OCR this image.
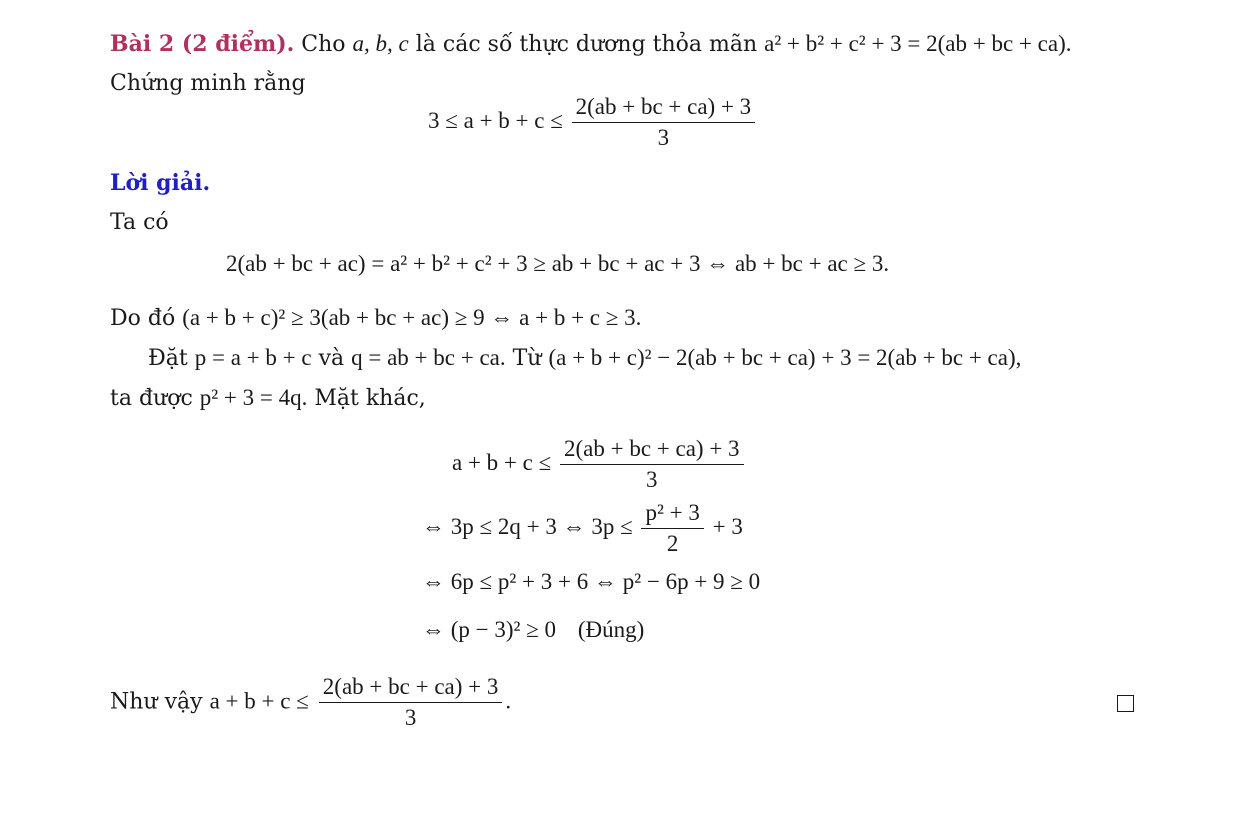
Bài 2 (2 điểm). Cho a, b, c là các số thực dương thỏa mãn a² + b² + c² + 3 = 2(ab + bc + ca).
Chứng minh rằng
$3 \le a + b + c \le \frac{2(ab + bc + ca) + 3}{3}$
Lời giải.
Ta có
2(ab + bc + ac) = a² + b² + c² + 3 ≥ ab + bc + ac + 3 ⇔ ab + bc + ac ≥ 3.
Do đó (a + b + c)² ≥ 3(ab + bc + ac) ≥ 9 ⇔ a + b + c ≥ 3.
Đặt p = a + b + c và q = ab + bc + ca. Từ (a + b + c)² − 2(ab + bc + ca) + 3 = 2(ab + bc + ca),
ta được p² + 3 = 4q. Mặt khác,
$a + b + c \le \frac{2(ab + bc + ca) + 3}{3}$
⇔ 3p ≤ 2q + 3 ⇔ $3p \le \frac{\text{p² + 3}}{2} + 3$
⇔ 6p ≤ p² + 3 + 6 ⇔ p² − 6p + 9 ≥ 0
⇔ (p − 3)² ≥ 0 (Đúng)
Như vậy $a + b + c \le \frac{2(ab + bc + ca) + 3}{3}$ .
